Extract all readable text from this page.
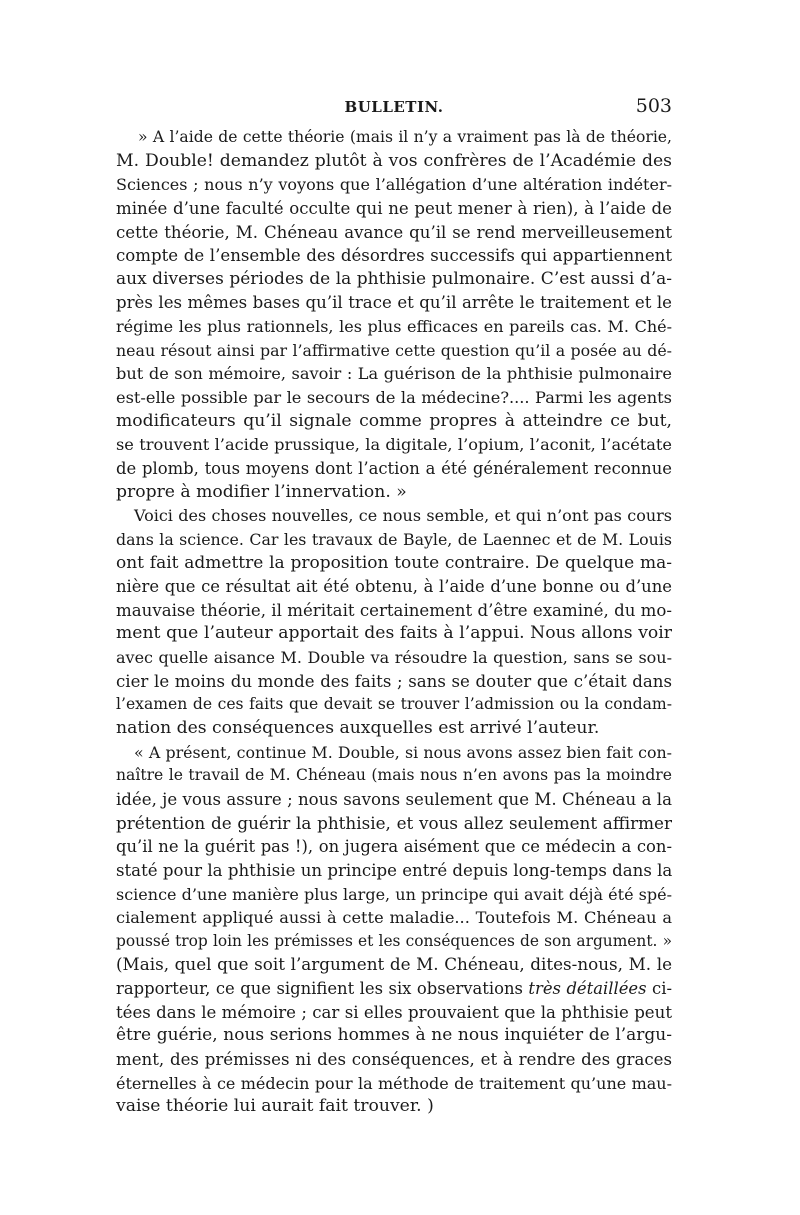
BULLETIN.	503
» A l’aide de cette théorie (mais il n’y a vraiment pas là de théorie,
M. Double! demandez plutôt à vos confrères de l’Académie des
Sciences ; nous n’y voyons que l’allégation d’une altération indéter-
minée d’une faculté occulte qui ne peut mener à rien), à l’aide de
cette théorie, M. Chéneau avance qu’il se rend merveilleusement
compte de l’ensemble des désordres successifs qui appartiennent
aux diverses périodes de la phthisie pulmonaire. C’est aussi d’a-
près les mêmes bases qu’il trace et qu’il arrête le traitement et le
régime les plus rationnels, les plus efficaces en pareils cas. M. Ché-
neau résout ainsi par l’affirmative cette question qu’il a posée au dé-
but de son mémoire, savoir : La guérison de la phthisie pulmonaire
est-elle possible par le secours de la médecine?.... Parmi les agents
modificateurs qu’il signale comme propres à atteindre ce but,
se trouvent l’acide prussique, la digitale, l’opium, l’aconit, l’acétate
de plomb, tous moyens dont l’action a été généralement reconnue
propre à modifier l’innervation. »
Voici des choses nouvelles, ce nous semble, et qui n’ont pas cours
dans la science. Car les travaux de Bayle, de Laennec et de M. Louis
ont fait admettre la proposition toute contraire. De quelque ma-
nière que ce résultat ait été obtenu, à l’aide d’une bonne ou d’une
mauvaise théorie, il méritait certainement d’être examiné, du mo-
ment que l’auteur apportait des faits à l’appui. Nous allons voir
avec quelle aisance M. Double va résoudre la question, sans se sou-
cier le moins du monde des faits ; sans se douter que c’était dans
l’examen de ces faits que devait se trouver l’admission ou la condam-
nation des conséquences auxquelles est arrivé l’auteur.
« A présent, continue M. Double, si nous avons assez bien fait con-
naître le travail de M. Chéneau (mais nous n’en avons pas la moindre
idée, je vous assure ; nous savons seulement que M. Chéneau a la
prétention de guérir la phthisie, et vous allez seulement affirmer
qu’il ne la guérit pas !), on jugera aisément que ce médecin a con-
staté pour la phthisie un principe entré depuis long-temps dans la
science d’une manière plus large, un principe qui avait déjà été spé-
cialement appliqué aussi à cette maladie... Toutefois M. Chéneau a
poussé trop loin les prémisses et les conséquences de son argument. »
(Mais, quel que soit l’argument de M. Chéneau, dites-nous, M. le
rapporteur, ce que signifient les six observations très détaillées ci-
tées dans le mémoire ; car si elles prouvaient que la phthisie peut
être guérie, nous serions hommes à ne nous inquiéter de l’argu-
ment, des prémisses ni des conséquences, et à rendre des graces
éternelles à ce médecin pour la méthode de traitement qu’une mau-
vaise théorie lui aurait fait trouver. )
